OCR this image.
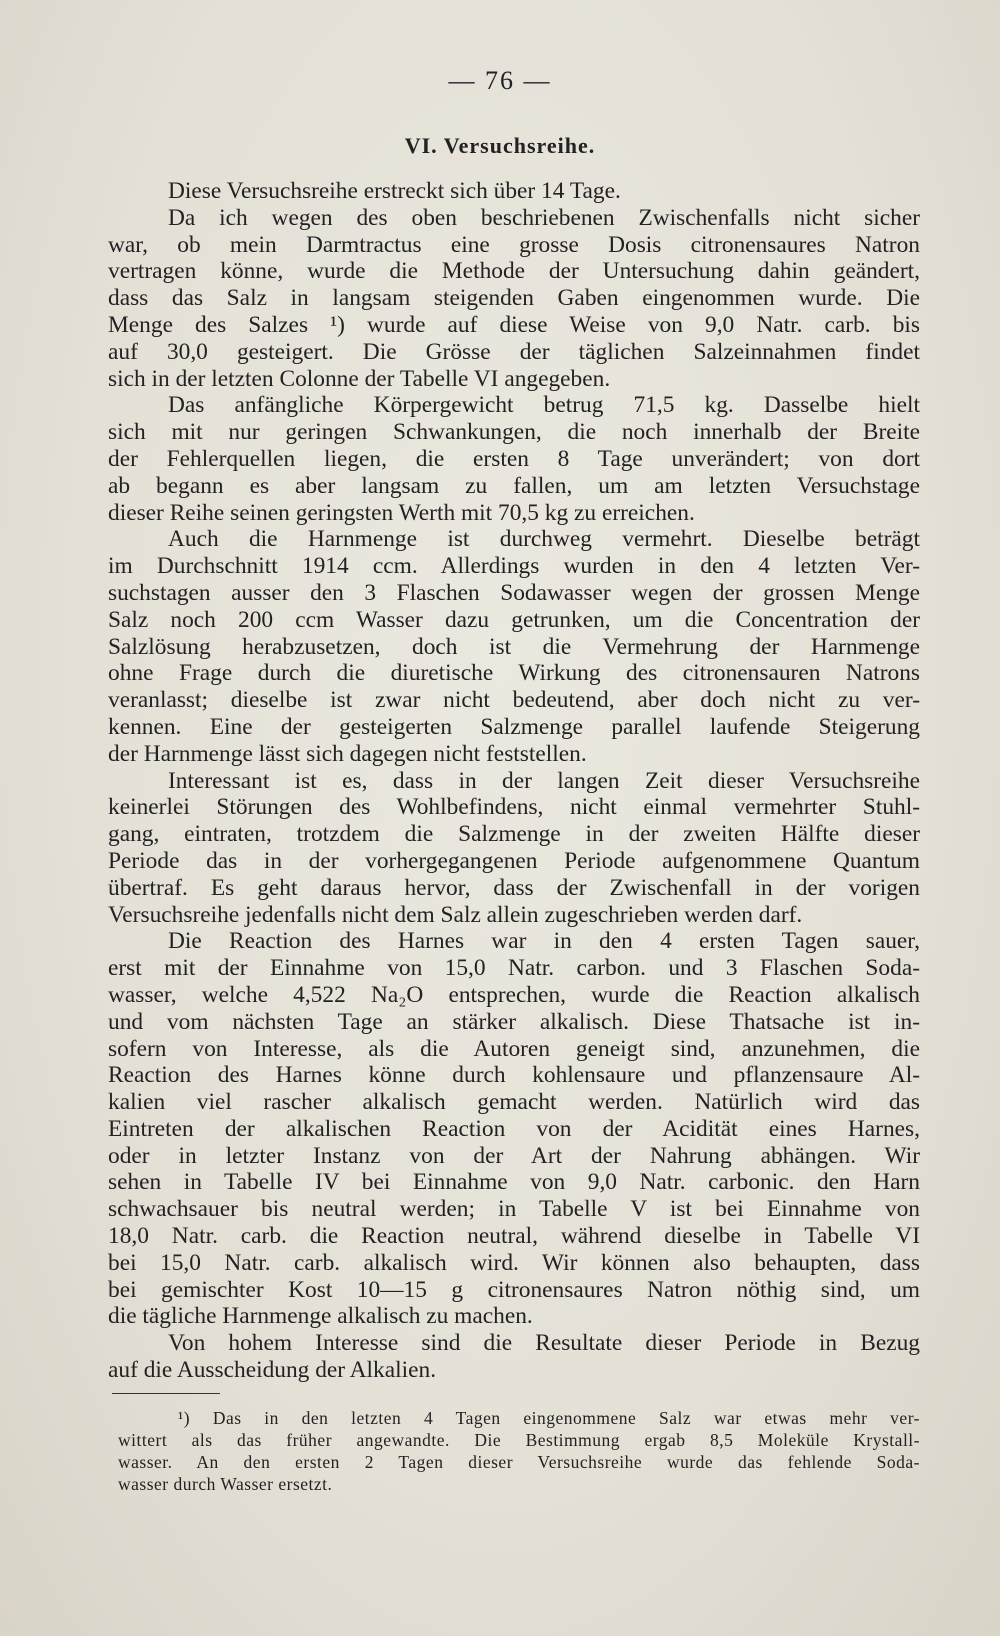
— 76 —
VI. Versuchsreihe.
Diese Versuchsreihe erstreckt sich über 14 Tage.
Da ich wegen des oben beschriebenen Zwischenfalls nicht sicher
war, ob mein Darmtractus eine grosse Dosis citronensaures Natron
vertragen könne, wurde die Methode der Untersuchung dahin geändert,
dass das Salz in langsam steigenden Gaben eingenommen wurde. Die
Menge des Salzes ¹) wurde auf diese Weise von 9,0 Natr. carb. bis
auf 30,0 gesteigert. Die Grösse der täglichen Salzeinnahmen findet
sich in der letzten Colonne der Tabelle VI angegeben.
Das anfängliche Körpergewicht betrug 71,5 kg. Dasselbe hielt
sich mit nur geringen Schwankungen, die noch innerhalb der Breite
der Fehlerquellen liegen, die ersten 8 Tage unverändert; von dort
ab begann es aber langsam zu fallen, um am letzten Versuchstage
dieser Reihe seinen geringsten Werth mit 70,5 kg zu erreichen.
Auch die Harnmenge ist durchweg vermehrt. Dieselbe beträgt
im Durchschnitt 1914 ccm. Allerdings wurden in den 4 letzten Ver-
suchstagen ausser den 3 Flaschen Sodawasser wegen der grossen Menge
Salz noch 200 ccm Wasser dazu getrunken, um die Concentration der
Salzlösung herabzusetzen, doch ist die Vermehrung der Harnmenge
ohne Frage durch die diuretische Wirkung des citronensauren Natrons
veranlasst; dieselbe ist zwar nicht bedeutend, aber doch nicht zu ver-
kennen. Eine der gesteigerten Salzmenge parallel laufende Steigerung
der Harnmenge lässt sich dagegen nicht feststellen.
Interessant ist es, dass in der langen Zeit dieser Versuchsreihe
keinerlei Störungen des Wohlbefindens, nicht einmal vermehrter Stuhl-
gang, eintraten, trotzdem die Salzmenge in der zweiten Hälfte dieser
Periode das in der vorhergegangenen Periode aufgenommene Quantum
übertraf. Es geht daraus hervor, dass der Zwischenfall in der vorigen
Versuchsreihe jedenfalls nicht dem Salz allein zugeschrieben werden darf.
Die Reaction des Harnes war in den 4 ersten Tagen sauer,
erst mit der Einnahme von 15,0 Natr. carbon. und 3 Flaschen Soda-
wasser, welche 4,522 Na₂O entsprechen, wurde die Reaction alkalisch
und vom nächsten Tage an stärker alkalisch. Diese Thatsache ist in-
sofern von Interesse, als die Autoren geneigt sind, anzunehmen, die
Reaction des Harnes könne durch kohlensaure und pflanzensaure Al-
kalien viel rascher alkalisch gemacht werden. Natürlich wird das
Eintreten der alkalischen Reaction von der Acidität eines Harnes,
oder in letzter Instanz von der Art der Nahrung abhängen. Wir
sehen in Tabelle IV bei Einnahme von 9,0 Natr. carbonic. den Harn
schwachsauer bis neutral werden; in Tabelle V ist bei Einnahme von
18,0 Natr. carb. die Reaction neutral, während dieselbe in Tabelle VI
bei 15,0 Natr. carb. alkalisch wird. Wir können also behaupten, dass
bei gemischter Kost 10—15 g citronensaures Natron nöthig sind, um
die tägliche Harnmenge alkalisch zu machen.
Von hohem Interesse sind die Resultate dieser Periode in Bezug
auf die Ausscheidung der Alkalien.
¹) Das in den letzten 4 Tagen eingenommene Salz war etwas mehr ver-
wittert als das früher angewandte. Die Bestimmung ergab 8,5 Moleküle Krystall-
wasser. An den ersten 2 Tagen dieser Versuchsreihe wurde das fehlende Soda-
wasser durch Wasser ersetzt.
